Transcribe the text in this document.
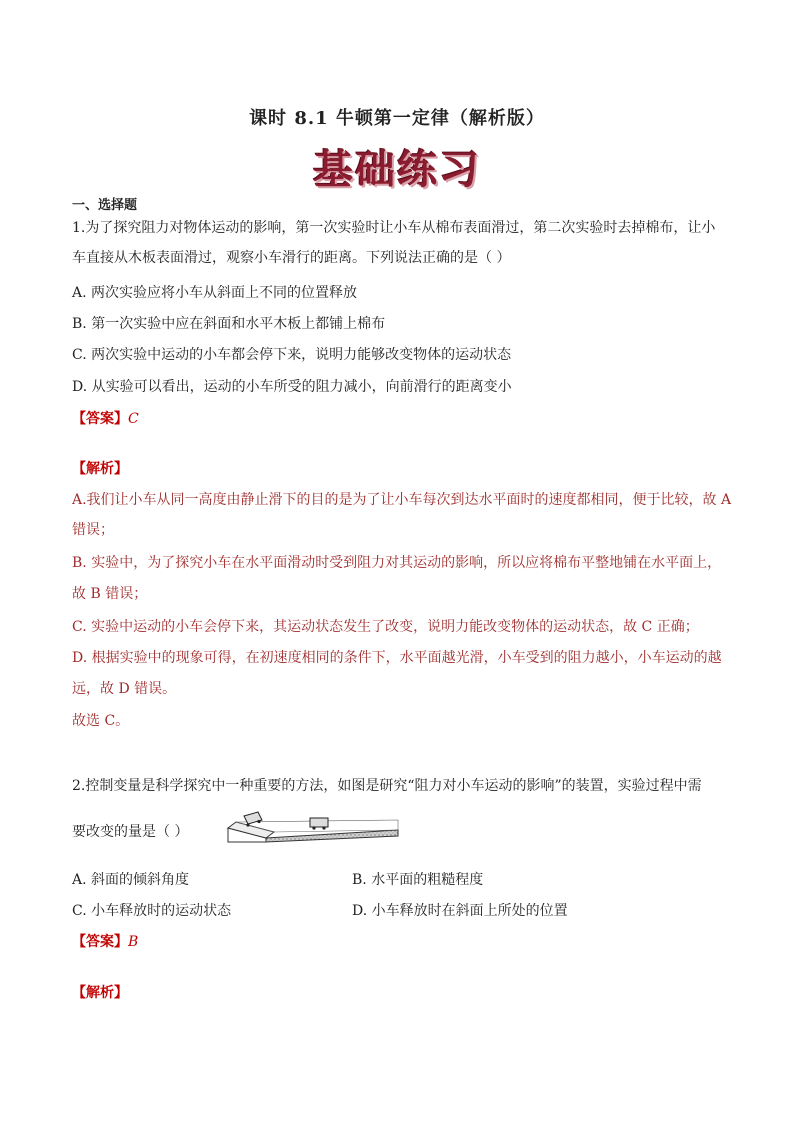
课时 8.1 牛顿第一定律（解析版）
基础练习
一、选择题
1.为了探究阻力对物体运动的影响，第一次实验时让小车从棉布表面滑过，第二次实验时去掉棉布，让小
车直接从木板表面滑过，观察小车滑行的距离。下列说法正确的是（ ）
A. 两次实验应将小车从斜面上不同的位置释放
B. 第一次实验中应在斜面和水平木板上都铺上棉布
C. 两次实验中运动的小车都会停下来，说明力能够改变物体的运动状态
D. 从实验可以看出，运动的小车所受的阻力减小，向前滑行的距离变小
【答案】C
【解析】
A.我们让小车从同一高度由静止滑下的目的是为了让小车每次到达水平面时的速度都相同，便于比较，故 A
错误；
B. 实验中，为了探究小车在水平面滑动时受到阻力对其运动的影响，所以应将棉布平整地铺在水平面上，
故 B 错误；
C. 实验中运动的小车会停下来，其运动状态发生了改变，说明力能改变物体的运动状态，故 C 正确；
D. 根据实验中的现象可得，在初速度相同的条件下，水平面越光滑，小车受到的阻力越小，小车运动的越
远，故 D 错误。
故选 C。
2.控制变量是科学探究中一种重要的方法，如图是研究“阻力对小车运动的影响”的装置，实验过程中需
要改变的量是（ ）
A. 斜面的倾斜角度	B. 水平面的粗糙程度
C. 小车释放时的运动状态	D. 小车释放时在斜面上所处的位置
【答案】B
【解析】
